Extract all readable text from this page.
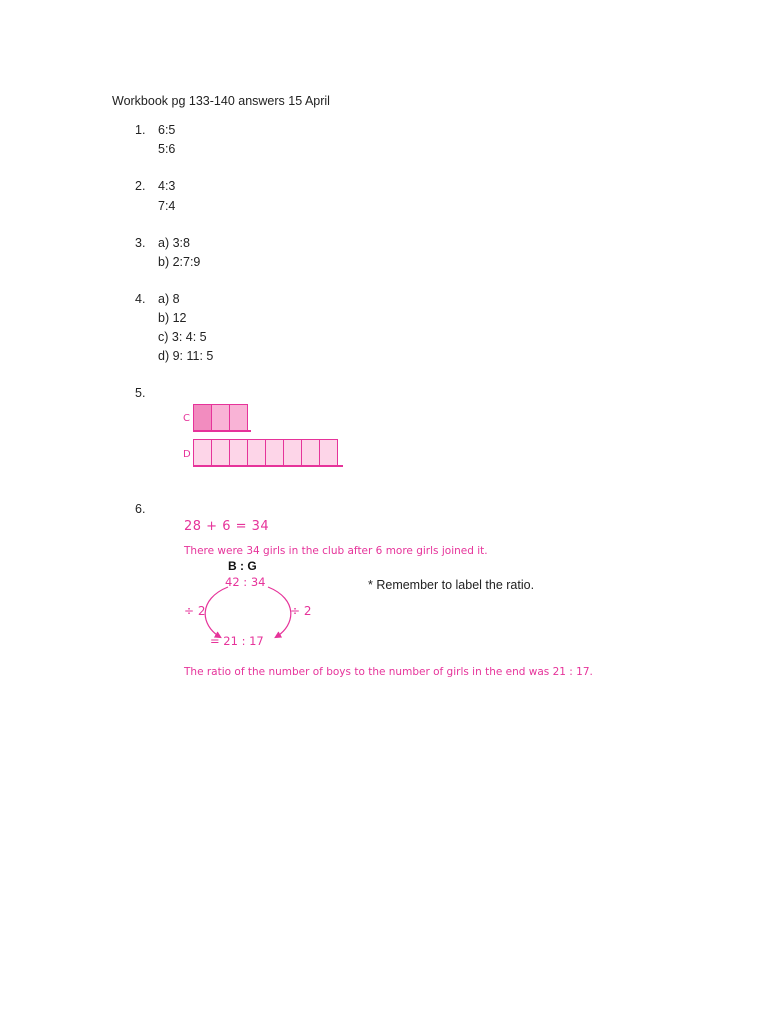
Workbook pg 133-140 answers 15 April
1. 6:5
5:6
2. 4:3
7:4
3. a) 3:8
b) 2:7:9
4. a) 8
b) 12
c) 3: 4: 5
d) 9: 11: 5
5.
C
D
6.
28 + 6 = 34
There were 34 girls in the club after 6 more girls joined it.
B : G
42 : 34
÷ 2	÷ 2
= 21 : 17
* Remember to label the ratio.
The ratio of the number of boys to the number of girls in the end was 21 : 17.
